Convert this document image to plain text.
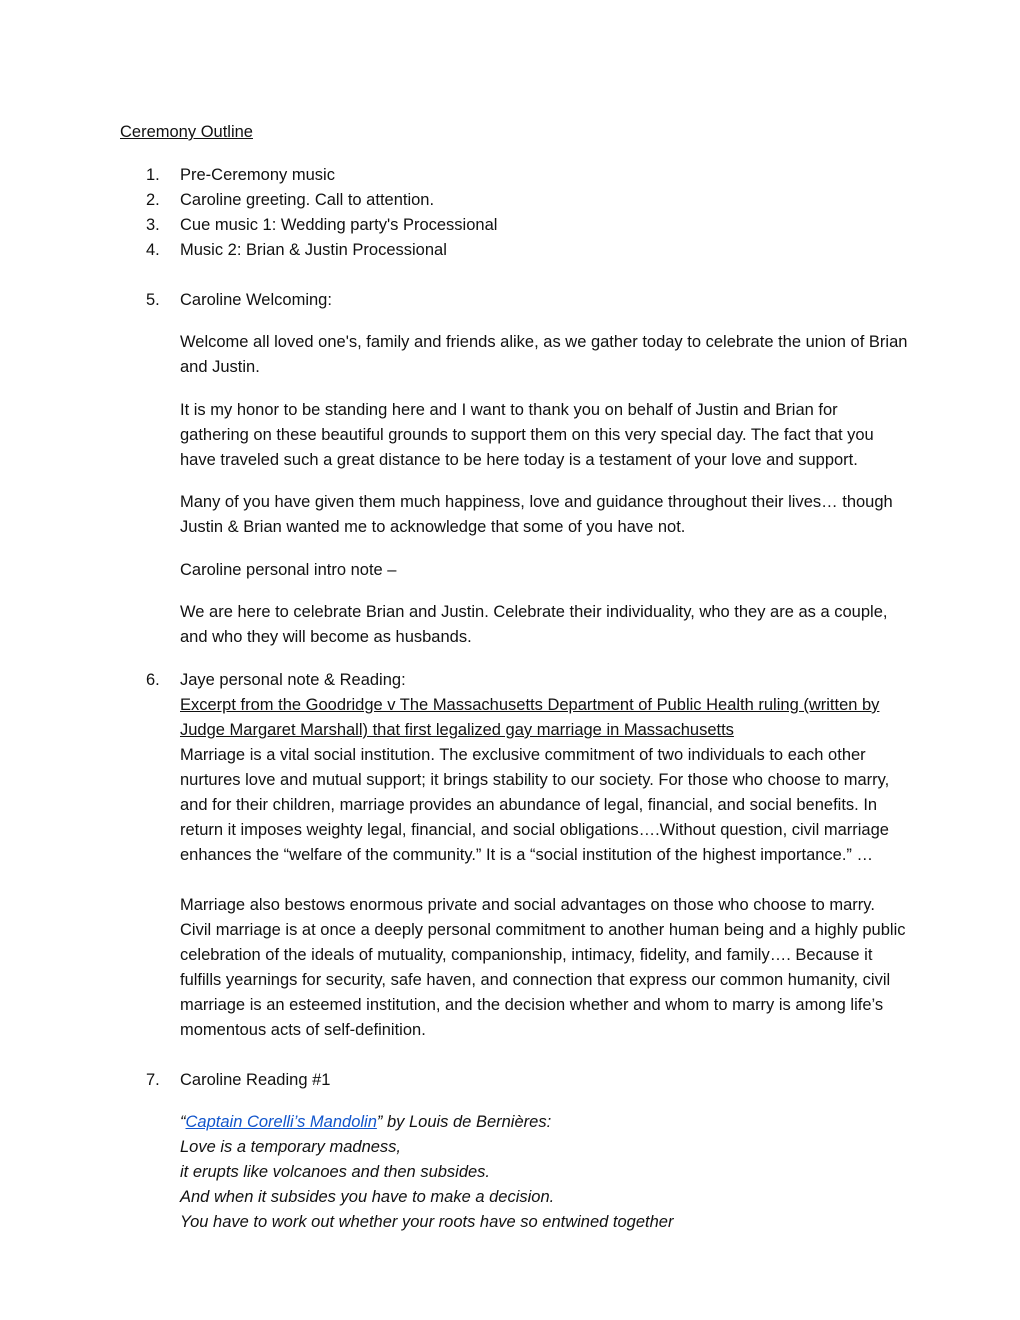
Ceremony Outline
1. Pre-Ceremony music
2. Caroline greeting. Call to attention.
3. Cue music 1: Wedding party's Processional
4. Music 2: Brian & Justin Processional
5. Caroline Welcoming:

Welcome all loved one's, family and friends alike, as we gather today to celebrate the union of Brian and Justin.

It is my honor to be standing here and I want to thank you on behalf of Justin and Brian for gathering on these beautiful grounds to support them on this very special day. The fact that you have traveled such a great distance to be here today is a testament of your love and support.

Many of you have given them much happiness, love and guidance throughout their lives… though Justin & Brian wanted me to acknowledge that some of you have not.

Caroline personal intro note –

We are here to celebrate Brian and Justin. Celebrate their individuality, who they are as a couple, and who they will become as husbands.

6. Jaye personal note & Reading:

Excerpt from the Goodridge v The Massachusetts Department of Public Health ruling (written by Judge Margaret Marshall) that first legalized gay marriage in Massachusetts

Marriage is a vital social institution. The exclusive commitment of two individuals to each other nurtures love and mutual support; it brings stability to our society. For those who choose to marry, and for their children, marriage provides an abundance of legal, financial, and social benefits. In return it imposes weighty legal, financial, and social obligations….Without question, civil marriage enhances the “welfare of the community.” It is a “social institution of the highest importance.” …

Marriage also bestows enormous private and social advantages on those who choose to marry. Civil marriage is at once a deeply personal commitment to another human being and a highly public celebration of the ideals of mutuality, companionship, intimacy, fidelity, and family…. Because it fulfills yearnings for security, safe haven, and connection that express our common humanity, civil marriage is an esteemed institution, and the decision whether and whom to marry is among life’s momentous acts of self-definition.

7. Caroline Reading #1
“Captain Corelli’s Mandolin” by Louis de Bernières:

Love is a temporary madness,

it erupts like volcanoes and then subsides.

And when it subsides you have to make a decision.

You have to work out whether your roots have so entwined together
